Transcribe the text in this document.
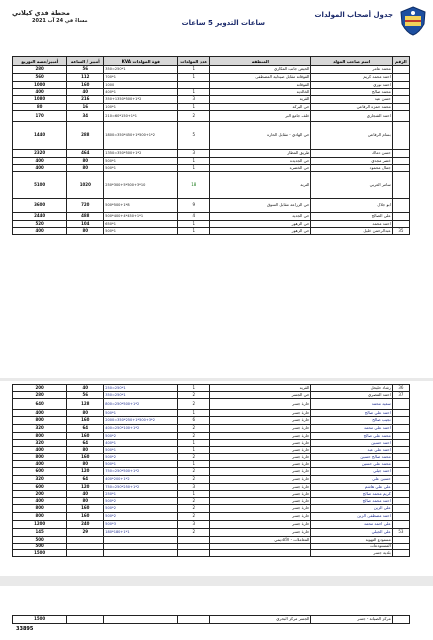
جدول أصحاب المولدات
ساعات التدوير 5 ساعات
محطة فدي كيلاني
مساءً في 24 آب 2021
الرقم	اسم صاحب المولد	المنطقة	عدد المولدات	قوة المولدات KVA	أمبير / الساعة	أمبير/حصة التوزيع
	محمد عامر	الحيص جانب المكاري	1	1*250=350	56	280
	احمد محمد كريم	الفوقانه مقابل صيدلية المصطفى	1	1*700	112	560
	احمد نوري	الفوقانه		1000	160	1000
	محمد صالح	الخالديه	1	1*400	40	400
	حسن عيد	القريه	3	2*500+1*350+1350	216	1080
	محمد حمزه الرفاعي	حي البركه	1	1*100	16	80
	احمد الشجاري	خلف جامع البر	2	1*150+1*60=210	34	170
	بسام الرفاعي	حي الهادي - مقابل الحاره	5	2*500+1*450+1*350=1800	288	1440
	حسن دماك	طريق المطار	3	2*500+1*350=1350	464	2320
	خضر مجدي	حي الجديده	1	1*500	80	400
	جمال محمود	حي الخضره	1	1*500	80	400
	سامر العربي	التربه	18	10*500+3*300+5*250	1020	5100
	ابو جلال	حي الزراعه مقابل السوق	9	8*500+1*500	720	3600
	علي الصالح	حي الجديد	4	1*450+1*400+4*500	488	2440
	احمد محمد	حي الزهور	1	1*650	104	520
35	عبدالرحمن خليل	حي الزهور	1	1*500	80	400
36	رشاد حليحل	القريه	1	1*250=250	40	200
37	احمد المصري	حي الجسر	2	1*250=350	56	280
	سعيد محمد	حارة جسر	2	2*500+1*250=800	128	640
	احمد علي صالح	حارة جسر	1	1*500	80	400
	نجيب صالح	حارة جسر	6	2*500+3*250+1*350=2000	160	800
	احمد علي محمد	حارة جسر	2	2*100+1*250=400	64	320
	محمد علي صالح	حارة جسر	2	2*500	160	800
	احمد حسين	حارة جسر	1	1*400	64	320
	احمد علي عبد	حارة جسر	1	1*500	80	400
	محمد صالح حسين	حارة جسر	2	2*500	160	800
	محمد علي حسين	حارة جسر	1	1*500	80	400
	احمد جيلي	حارة جسر	2	2*500+1*250=750	120	600
	حسين علي	حارة جسر	2	2*200+1*400	64	320
	علي علي هاشم	حارة جسر	3	2*250+1*250=750	120	600
	كريم محمد صالح	حارة جسر	1	1*250	40	200
	احمد محمد صالح	حارة جسر	2	2*500	80	400
	علي الزين	حارة جسر	2	2*500	160	800
	احمد مصطفى الزين	حارة جسر	2	2*500	160	800
	علي احمد محمد	حارة جسر	3	3*500	240	1200
53	علي الجيلي	حارة جسر	2	1*180+1*180	29	145
	مستودع التهوية	المعاملات - الأكاديمي				500
	المستودعات					500
	بلدية جسر					1500
	مركز الصيانة - جسر	الجسر مركز البحري				1500
33895
